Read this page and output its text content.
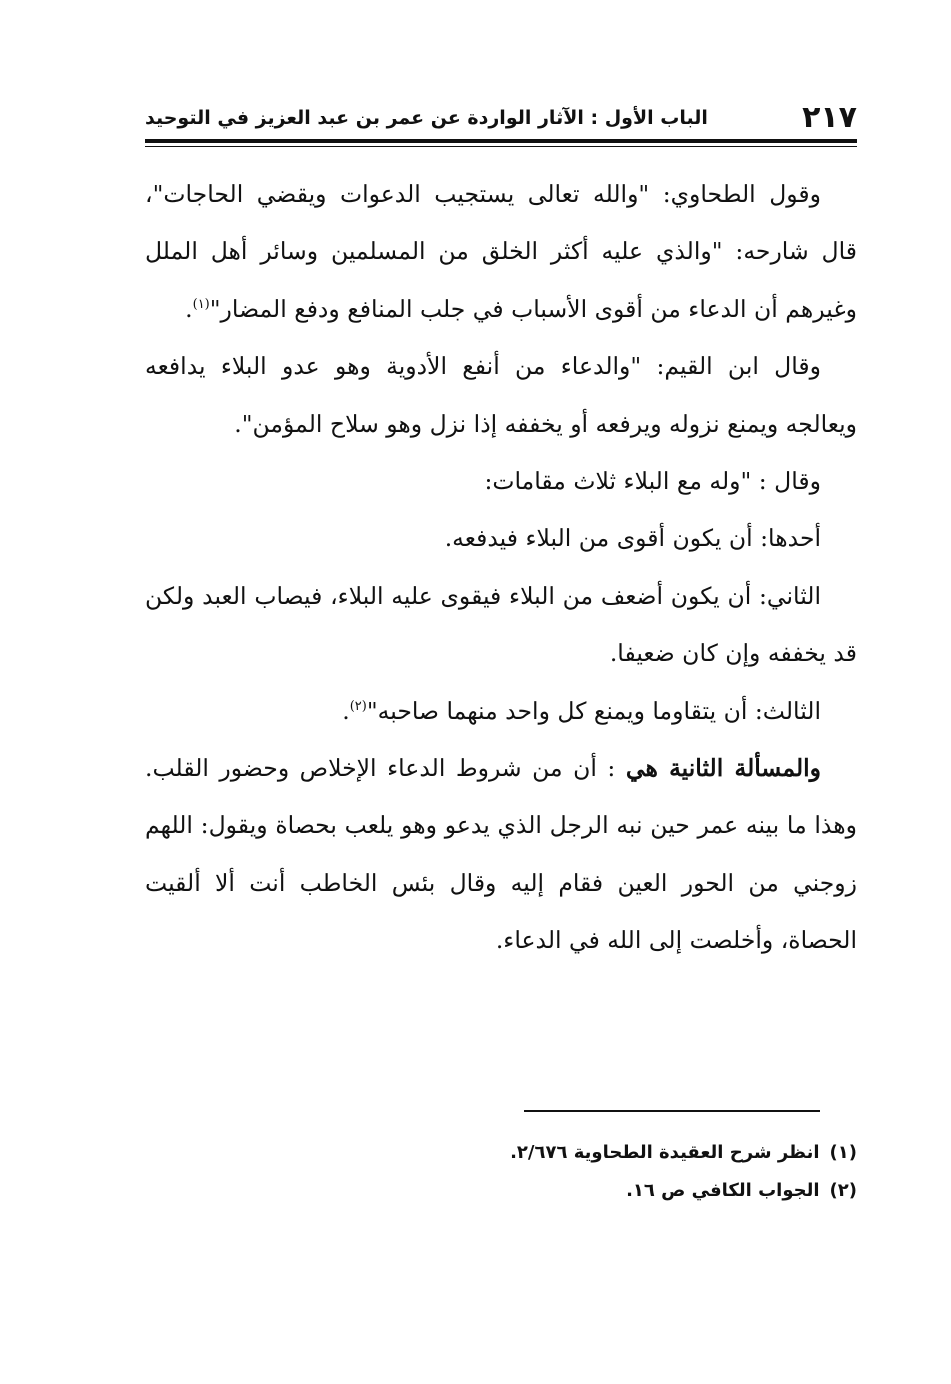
٢١٧
الباب الأول : الآثار الواردة عن عمر بن عبد العزيز في التوحيد

وقول الطحاوي: "والله تعالى يستجيب الدعوات ويقضي الحاجات"، قال شارحه: "والذي عليه أكثر الخلق من المسلمين وسائر أهل الملل وغيرهم أن الدعاء من أقوى الأسباب في جلب المنافع ودفع المضار"$^{(١)}$.

وقال ابن القيم: "والدعاء من أنفع الأدوية وهو عدو البلاء يدافعه ويعالجه ويمنع نزوله ويرفعه أو يخففه إذا نزل وهو سلاح المؤمن".

وقال : "وله مع البلاء ثلاث مقامات:

أحدها: أن يكون أقوى من البلاء فيدفعه.

الثاني: أن يكون أضعف من البلاء فيقوى عليه البلاء، فيصاب العبد ولكن قد يخففه وإن كان ضعيفا.

الثالث: أن يتقاوما ويمنع كل واحد منهما صاحبه"$^{(٢)}$.

والمسألة الثانية هي : أن من شروط الدعاء الإخلاص وحضور القلب. وهذا ما بينه عمر حين نبه الرجل الذي يدعو وهو يلعب بحصاة ويقول: اللهم زوجني من الحور العين فقام إليه وقال بئس الخاطب أنت ألا ألقيت الحصاة، وأخلصت إلى الله في الدعاء.

(١)انظر شرح العقيدة الطحاوية ٢/٦٧٦.
(٢)الجواب الكافي ص ١٦.
